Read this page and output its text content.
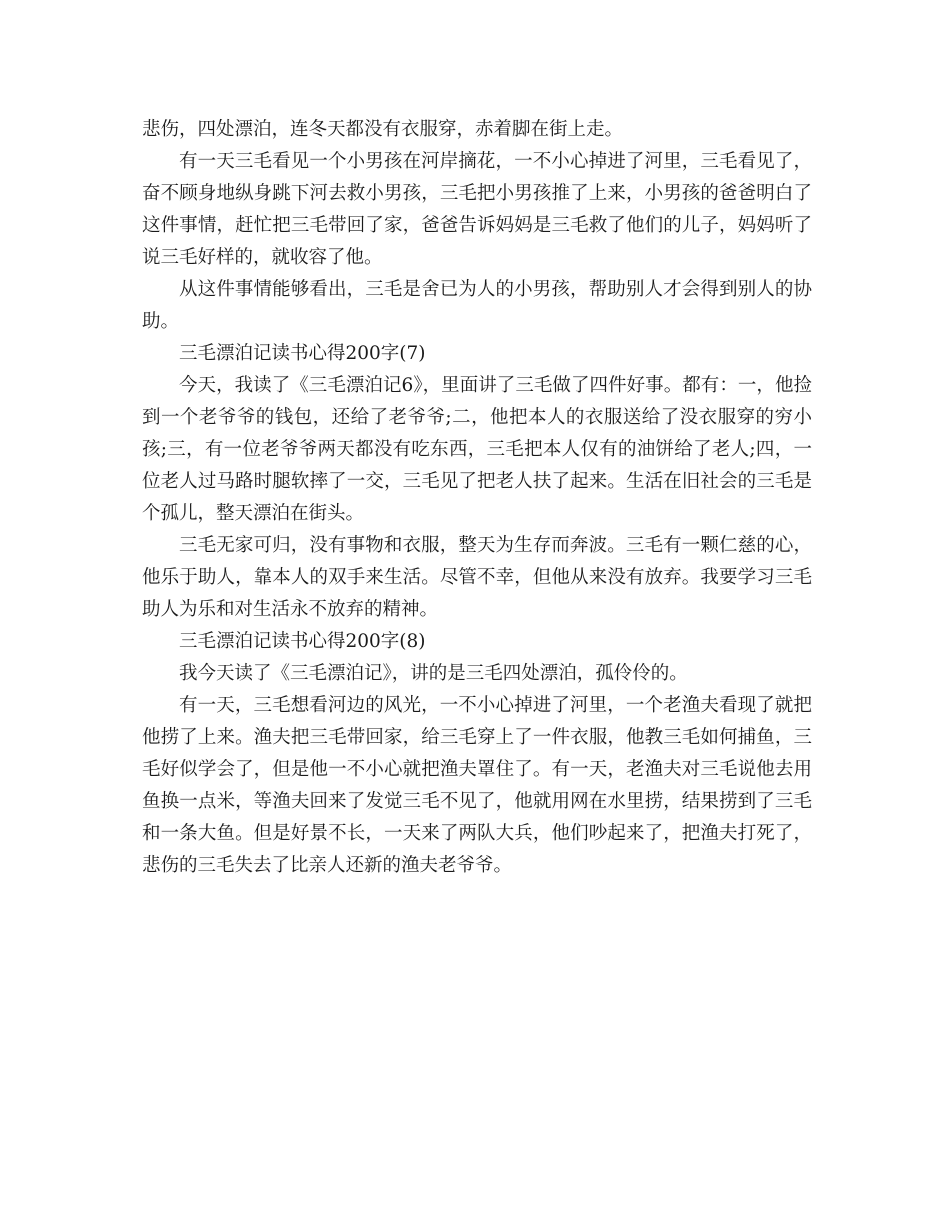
悲伤，四处漂泊，连冬天都没有衣服穿，赤着脚在街上走。

有一天三毛看见一个小男孩在河岸摘花，一不小心掉进了河里，三毛看见了，奋不顾身地纵身跳下河去救小男孩，三毛把小男孩推了上来，小男孩的爸爸明白了这件事情，赶忙把三毛带回了家，爸爸告诉妈妈是三毛救了他们的儿子，妈妈听了说三毛好样的，就收容了他。

从这件事情能够看出，三毛是舍已为人的小男孩，帮助别人才会得到别人的协助。

三毛漂泊记读书心得200字(7)

今天，我读了《三毛漂泊记6》，里面讲了三毛做了四件好事。都有：一，他捡到一个老爷爷的钱包，还给了老爷爷;二，他把本人的衣服送给了没衣服穿的穷小孩;三，有一位老爷爷两天都没有吃东西，三毛把本人仅有的油饼给了老人;四，一位老人过马路时腿软摔了一交，三毛见了把老人扶了起来。生活在旧社会的三毛是个孤儿，整天漂泊在街头。

三毛无家可归，没有事物和衣服，整天为生存而奔波。三毛有一颗仁慈的心，他乐于助人，靠本人的双手来生活。尽管不幸，但他从来没有放弃。我要学习三毛助人为乐和对生活永不放弃的精神。

三毛漂泊记读书心得200字(8)

我今天读了《三毛漂泊记》，讲的是三毛四处漂泊，孤伶伶的。

有一天，三毛想看河边的风光，一不小心掉进了河里，一个老渔夫看现了就把他捞了上来。渔夫把三毛带回家，给三毛穿上了一件衣服，他教三毛如何捕鱼，三毛好似学会了，但是他一不小心就把渔夫罩住了。有一天，老渔夫对三毛说他去用鱼换一点米，等渔夫回来了发觉三毛不见了，他就用网在水里捞，结果捞到了三毛和一条大鱼。但是好景不长，一天来了两队大兵，他们吵起来了，把渔夫打死了，悲伤的三毛失去了比亲人还新的渔夫老爷爷。
